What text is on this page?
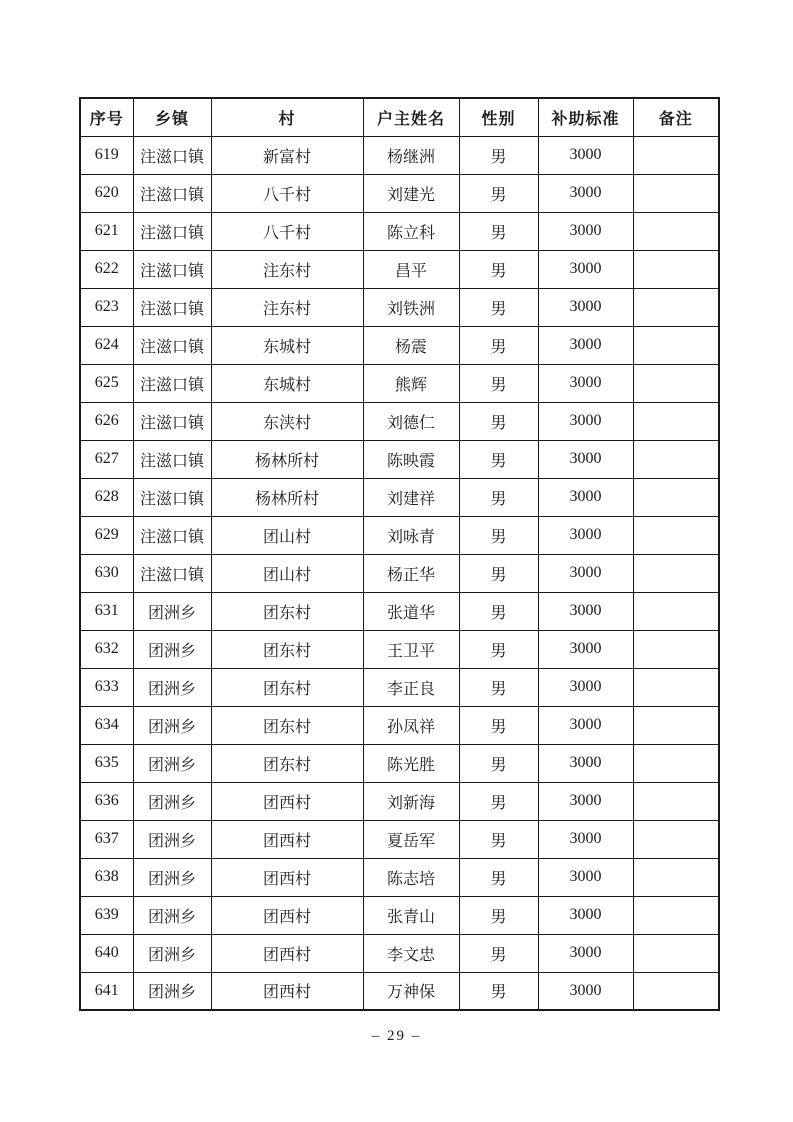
序号	乡镇	村	户主姓名	性别	补助标准	备注
619	注滋口镇	新富村	杨继洲	男	3000	
620	注滋口镇	八千村	刘建光	男	3000	
621	注滋口镇	八千村	陈立科	男	3000	
622	注滋口镇	注东村	昌平	男	3000	
623	注滋口镇	注东村	刘铁洲	男	3000	
624	注滋口镇	东城村	杨震	男	3000	
625	注滋口镇	东城村	熊辉	男	3000	
626	注滋口镇	东浃村	刘德仁	男	3000	
627	注滋口镇	杨林所村	陈映霞	男	3000	
628	注滋口镇	杨林所村	刘建祥	男	3000	
629	注滋口镇	团山村	刘咏青	男	3000	
630	注滋口镇	团山村	杨正华	男	3000	
631	团洲乡	团东村	张道华	男	3000	
632	团洲乡	团东村	王卫平	男	3000	
633	团洲乡	团东村	李正良	男	3000	
634	团洲乡	团东村	孙凤祥	男	3000	
635	团洲乡	团东村	陈光胜	男	3000	
636	团洲乡	团西村	刘新海	男	3000	
637	团洲乡	团西村	夏岳军	男	3000	
638	团洲乡	团西村	陈志培	男	3000	
639	团洲乡	团西村	张青山	男	3000	
640	团洲乡	团西村	李文忠	男	3000	
641	团洲乡	团西村	万神保	男	3000	
– 29 –
